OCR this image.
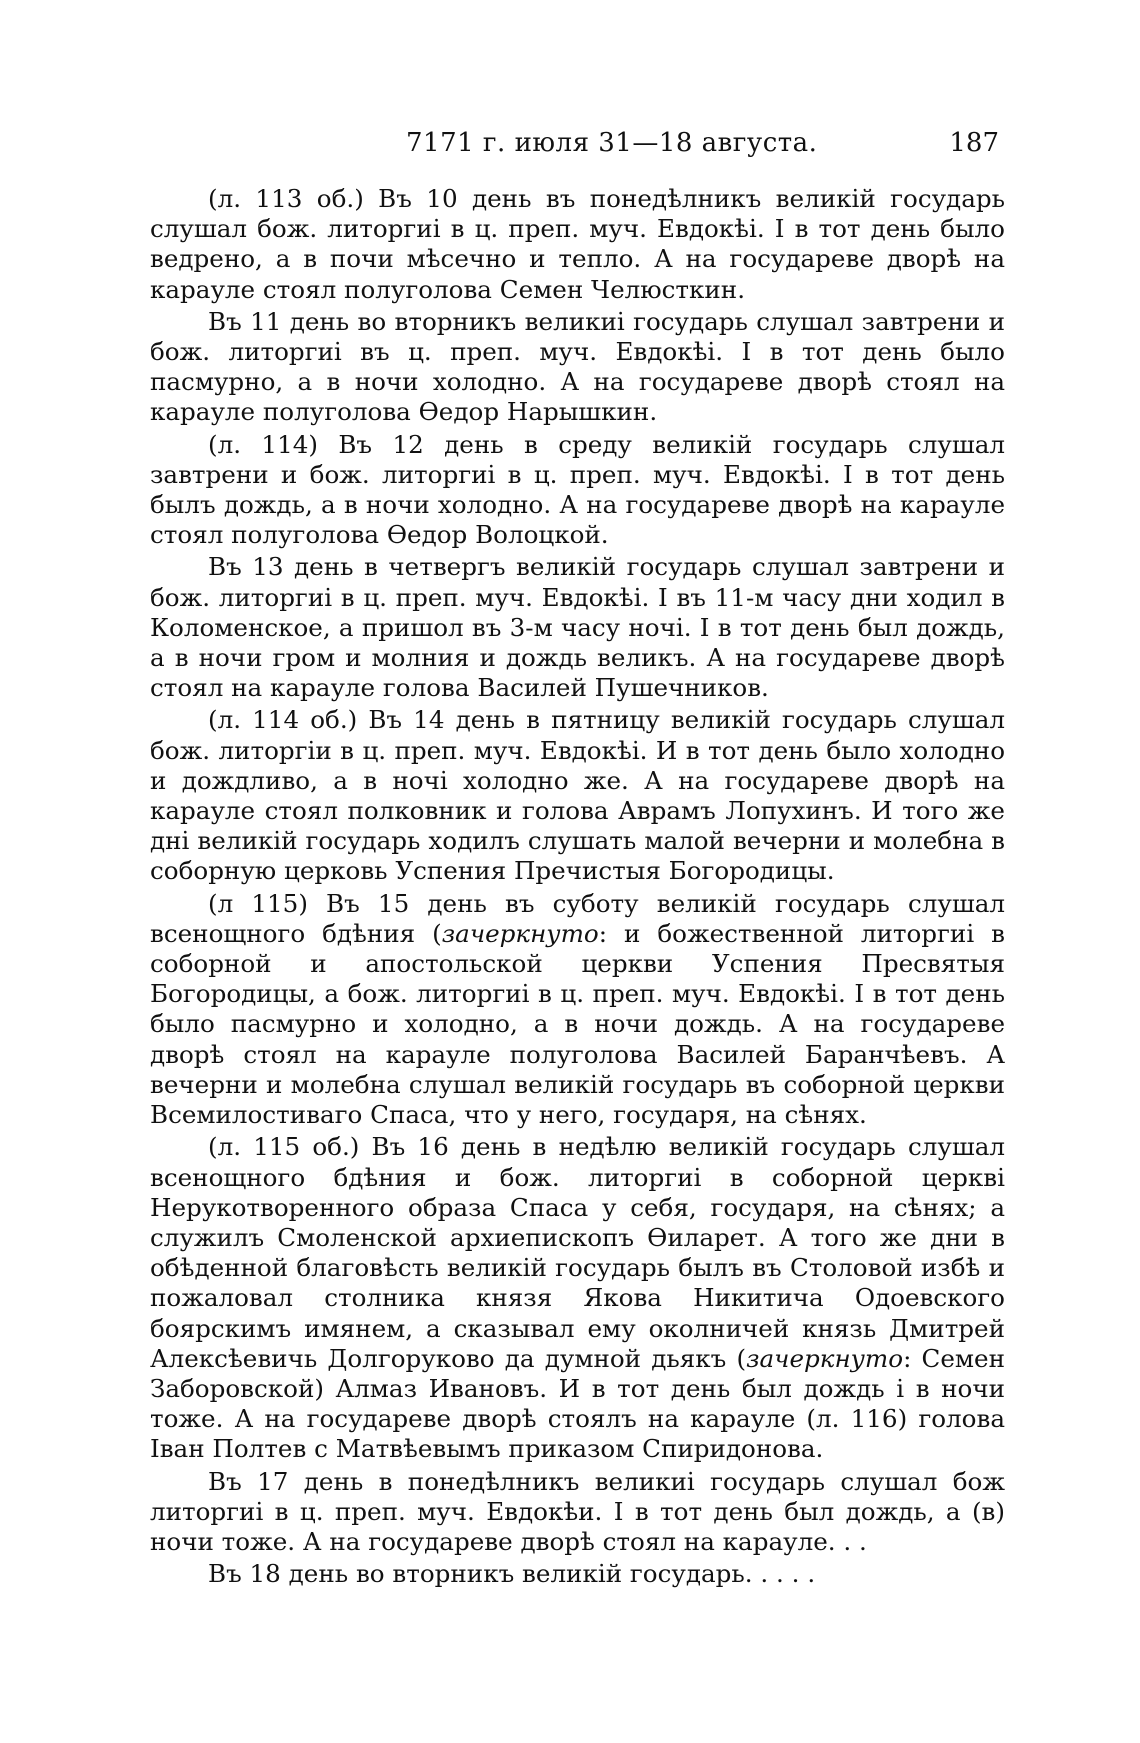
7171 г. июля 31—18 августа.	187

(л. 113 об.) Въ 10 день въ понедѣлникъ великій государь слушал бож. литоргиі в ц. преп. муч. Евдокѣі. І в тот день было ведрено, а в почи мѣсечно и тепло. А на государеве дворѣ на карауле стоял полуголова Семен Челюсткин.

Въ 11 день во вторникъ великиі государь слушал завтрени и бож. литоргиі въ ц. преп. муч. Евдокѣі. І в тот день было пасмурно, а в ночи холодно. А на государеве дворѣ стоял на карауле полуголова Ѳедор Нарышкин.

(л. 114) Въ 12 день в среду великій государь слушал завтрени и бож. литоргиі в ц. преп. муч. Евдокѣі. І в тот день былъ дождь, а в ночи холодно. А на государеве дворѣ на карауле стоял полуголова Ѳедор Волоцкой.

Въ 13 день в четвергъ великій государь слушал завтрени и бож. литоргиі в ц. преп. муч. Евдокѣі. І въ 11-м часу дни ходил в Коломенское, а пришол въ 3-м часу ночі. І в тот день был дождь, а в ночи гром и молния и дождь великъ. А на государеве дворѣ стоял на карауле голова Василей Пушечников.

(л. 114 об.) Въ 14 день в пятницу великій государь слушал бож. литоргіи в ц. преп. муч. Евдокѣі. И в тот день было холодно и дождливо, а в ночі холодно же. А на государеве дворѣ на карауле стоял полковник и голова Аврамъ Лопухинъ. И того же дні великій государь ходилъ слушать малой вечерни и молебна в соборную церковь Успения Пречистыя Богородицы.

(л 115) Въ 15 день въ суботу великій государь слушал всенощного бдѣния (зачеркнуто: и божественной литоргиі в соборной и апостольской церкви Успения Пресвятыя Богородицы, а бож. литоргиі в ц. преп. муч. Евдокѣі. І в тот день было пасмурно и холодно, а в ночи дождь. А на государеве дворѣ стоял на карауле полуголова Василей Баранчѣевъ. А вечерни и молебна слушал великій государь въ соборной церкви Всемилостиваго Спаса, что у него, государя, на сѣнях.

(л. 115 об.) Въ 16 день в недѣлю великій государь слушал всенощного бдѣния и бож. литоргиі в соборной церкві Нерукотворенного образа Спаса у себя, государя, на сѣнях; а служилъ Смоленской архиепископъ Ѳиларет. А того же дни в обѣденной благовѣсть великій государь былъ въ Столовой избѣ и пожаловал столника князя Якова Никитича Одоевского боярскимъ имянем, а сказывал ему околничей князь Дмитрей Алексѣевичь Долгоруково да думной дьякъ (зачеркнуто: Семен Заборовской) Алмаз Ивановъ. И в тот день был дождь і в ночи тоже. А на государеве дворѣ стоялъ на карауле (л. 116) голова Іван Полтев с Матвѣевымъ приказом Спиридонова.

Въ 17 день в понедѣлникъ великиі государь слушал бож литоргиі в ц. преп. муч. Евдокѣи. І в тот день был дождь, а (в) ночи тоже. А на государеве дворѣ стоял на карауле. . .

Въ 18 день во вторникъ великій государь. . . . .
